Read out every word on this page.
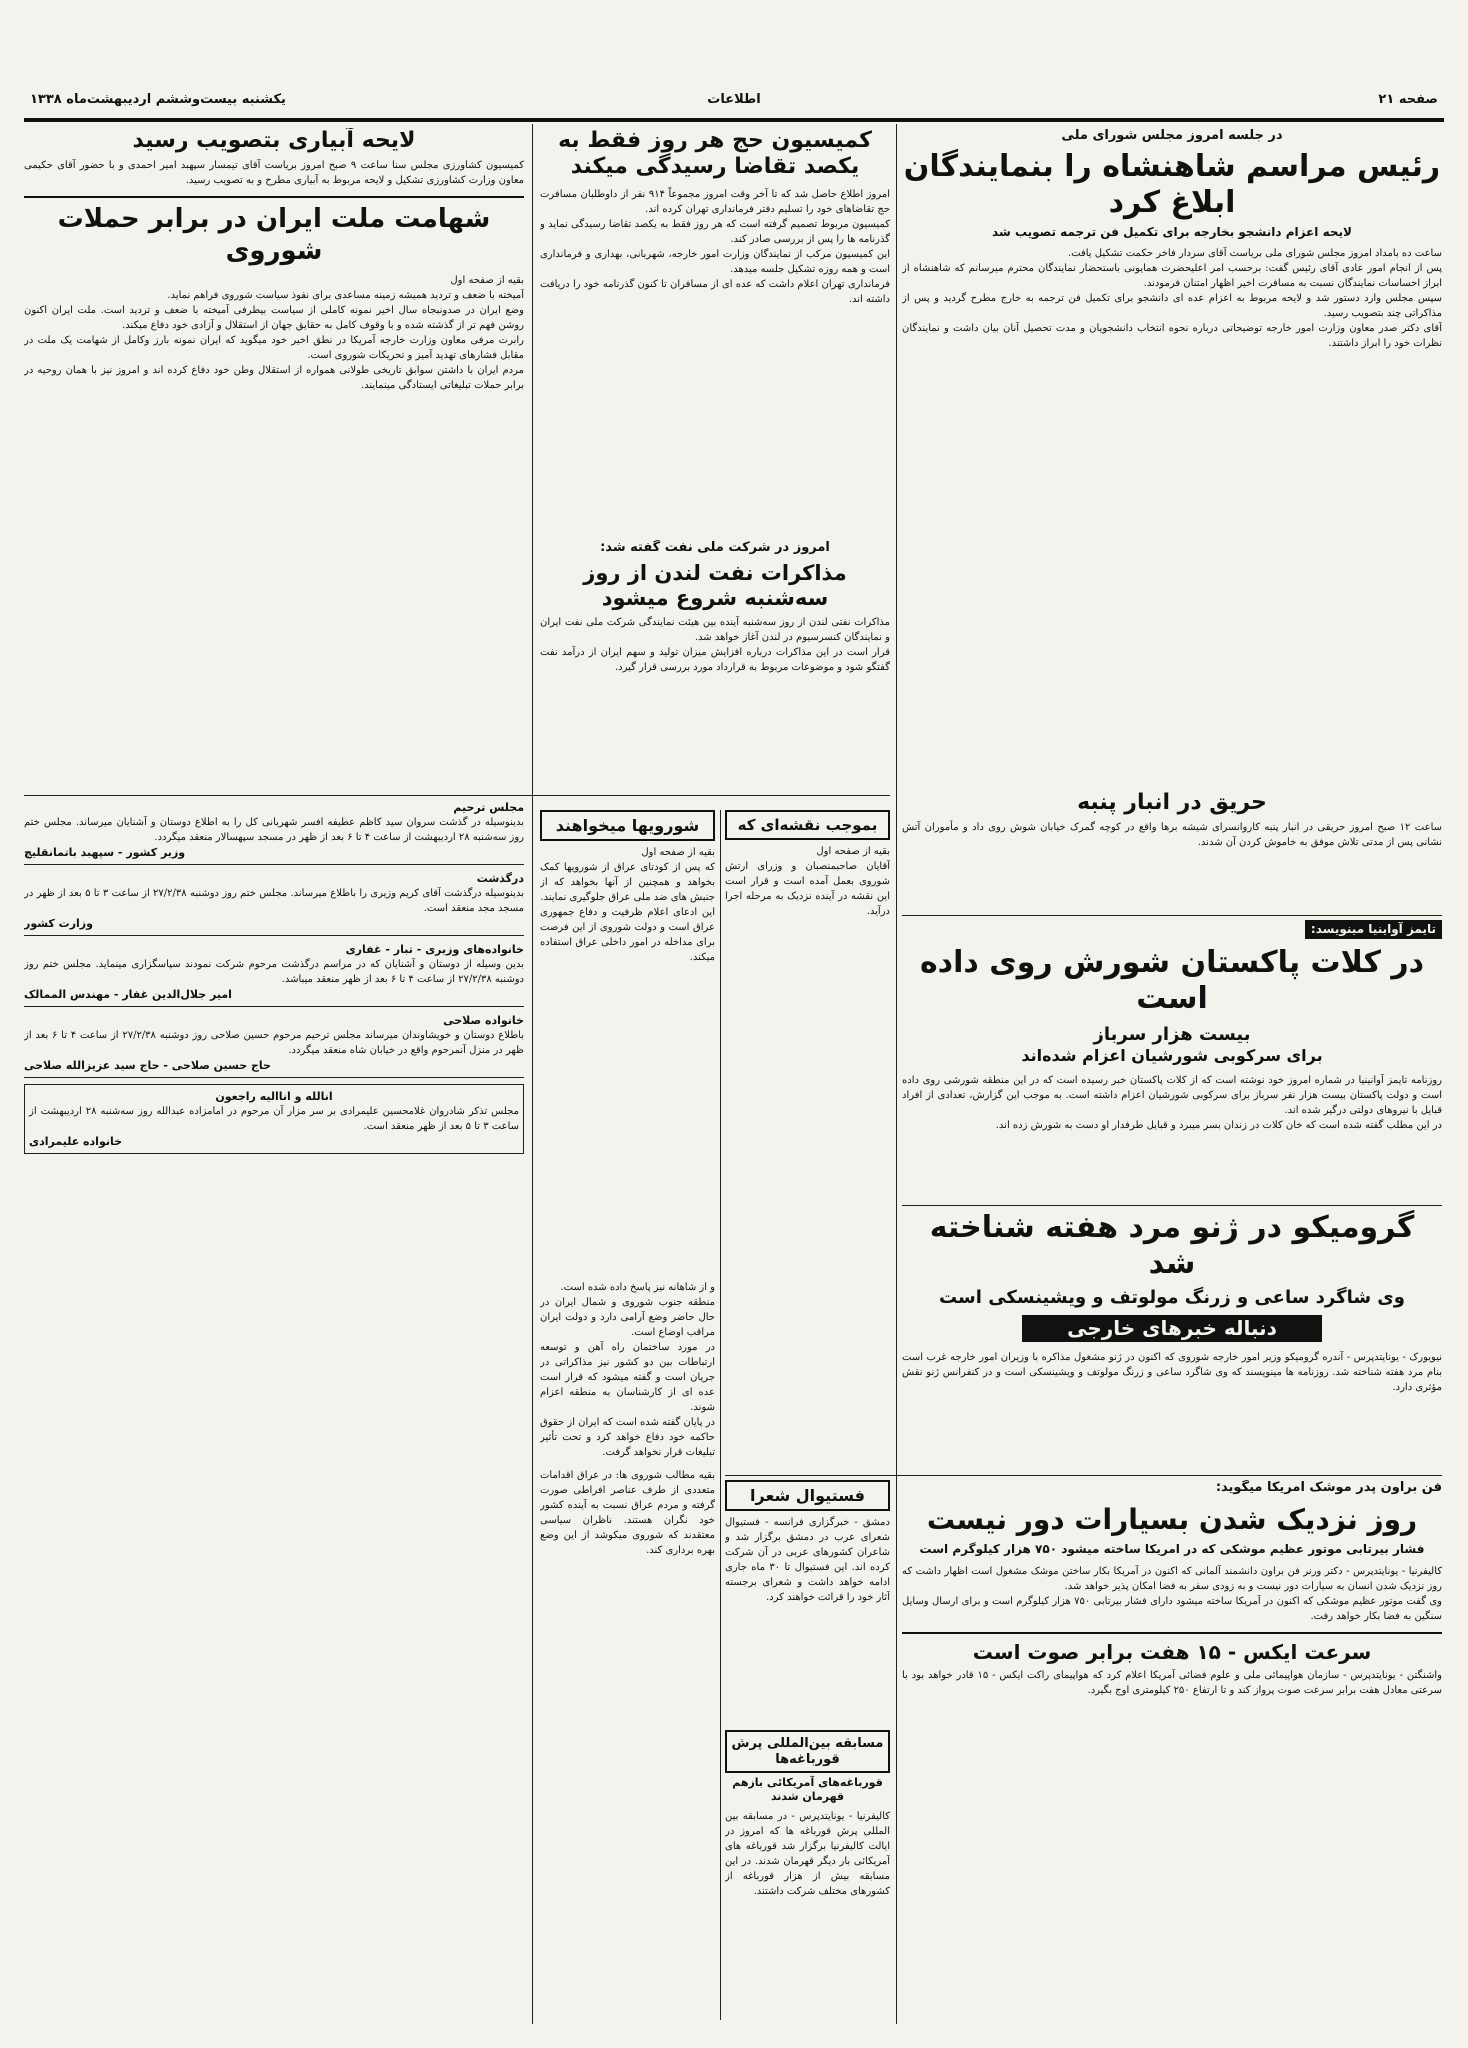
صفحه ۲۱
اطلاعات
یکشنبه بیست‌وششم اردیبهشت‌ماه ۱۳۳۸
در جلسه امروز مجلس شورای ملی
رئیس مراسم شاهنشاه را بنمایندگان ابلاغ کرد
لایحه اعزام دانشجو بخارجه برای تکمیل فن ترجمه تصویب شد
ساعت ده بامداد امروز مجلس شورای ملی بریاست آقای سردار فاخر حکمت تشکیل یافت.
پس از انجام امور عادی آقای رئیس گفت: برحسب امر اعلیحضرت همایونی باستحضار نمایندگان محترم میرسانم که شاهنشاه از ابراز احساسات نمایندگان نسبت به مسافرت اخیر اظهار امتنان فرمودند.
سپس مجلس وارد دستور شد و لایحه مربوط به اعزام عده ای دانشجو برای تکمیل فن ترجمه به خارج مطرح گردید و پس از مذاکراتی چند بتصویب رسید.
آقای دکتر صدر معاون وزارت امور خارجه توضیحاتی درباره نحوه انتخاب دانشجویان و مدت تحصیل آنان بیان داشت و نمایندگان نظرات خود را ابراز داشتند.
کمیسیون حج هر روز فقط به یکصد تقاضا رسیدگی میکند
امروز اطلاع حاصل شد که تا آخر وقت امروز مجموعاً ۹۱۴ نفر از داوطلبان مسافرت حج تقاضاهای خود را تسلیم دفتر فرمانداری تهران کرده اند.
کمیسیون مربوط تصمیم گرفته است که هر روز فقط به یکصد تقاضا رسیدگی نماید و گذرنامه ها را پس از بررسی صادر کند.
این کمیسیون مرکب از نمایندگان وزارت امور خارجه، شهربانی، بهداری و فرمانداری است و همه روزه تشکیل جلسه میدهد.
فرمانداری تهران اعلام داشت که عده ای از مسافران تا کنون گذرنامه خود را دریافت داشته اند.
لایحه آبیاری بتصویب رسید
کمیسیون کشاورزی مجلس سنا ساعت ۹ صبح امروز بریاست آقای تیمسار سپهبد امیر احمدی و با حضور آقای حکیمی معاون وزارت کشاورزی تشکیل و لایحه مربوط به آبیاری مطرح و به تصویب رسید.
شهامت ملت ایران در برابر حملات شوروی
بقیه از صفحه اول
آمیخته با ضعف و تردید همیشه زمینه مساعدی برای نفوذ سیاست شوروی فراهم نماید.
وضع ایران در صدونبجاه سال اخیر نمونه کاملی از سیاست بیطرفی آمیخته با ضعف و تردید است. ملت ایران اکنون روشن فهم تر از گذشته شده و با وقوف کامل به حقایق جهان از استقلال و آزادی خود دفاع میکند.
رابرت مرفی معاون وزارت خارجه آمریکا در نطق اخیر خود میگوید که ایران نمونه بارز وکامل از شهامت یک ملت در مقابل فشارهای تهدید آمیز و تحریکات شوروی است.
مردم ایران با داشتن سوابق تاریخی طولانی همواره از استقلال وطن خود دفاع کرده اند و امروز نیز با همان روحیه در برابر حملات تبلیغاتی ایستادگی مینمایند.
امروز در شرکت ملی نفت گفته شد:
مذاکرات نفت لندن از روز سه‌شنبه شروع میشود
مذاکرات نفتی لندن از روز سه‌شنبه آینده بین هیئت نمایندگی شرکت ملی نفت ایران و نمایندگان کنسرسیوم در لندن آغاز خواهد شد.
قرار است در این مذاکرات درباره افزایش میزان تولید و سهم ایران از درآمد نفت گفتگو شود و موضوعات مربوط به قرارداد مورد بررسی قرار گیرد.
حریق در انبار پنبه
ساعت ۱۲ صبح امروز حریقی در انبار پنبه کاروانسرای شیشه برها واقع در کوچه گمرک خیابان شوش روی داد و مأموران آتش نشانی پس از مدتی تلاش موفق به خاموش کردن آن شدند.
شورویها میخواهند
بقیه از صفحه اول
که پس از کودتای عراق از شورویها کمک بخواهد و همچنین از آنها بخواهد که از جنبش های ضد ملی عراق جلوگیری نمایند.
این ادعای اعلام ظرفیت و دفاع جمهوری عراق است و دولت شوروی از این فرصت برای مداخله در امور داخلی عراق استفاده میکند.
بموجب نقشه‌ای که
بقیه از صفحه اول
آقایان صاحبمنصبان و وزرای ارتش شوروی بعمل آمده است و قرار است این نقشه در آینده نزدیک به مرحله اجرا درآید.
تایمز آواینیا مینویسد:
در کلات پاکستان شورش روی داده است
بیست هزار سرباز
برای سرکوبی شورشیان اعزام شده‌اند
روزنامه تایمز آوانینیا در شماره امروز خود نوشته است که از کلات پاکستان خبر رسیده است که در این منطقه شورشی روی داده است و دولت پاکستان بیست هزار نفر سرباز برای سرکوبی شورشیان اعزام داشته است. به موجب این گزارش، تعدادی از افراد قبایل با نیروهای دولتی درگیر شده اند.
در این مطلب گفته شده است که خان کلات در زندان بسر میبرد و قبایل طرفدار او دست به شورش زده اند.
گرومیکو در ژنو مرد هفته شناخته شد
وی شاگرد ساعی و زرنگ مولوتف و ویشینسکی است
دنباله خبرهای خارجی
نیویورک - یونایتدپرس - آندره گرومیکو وزیر امور خارجه شوروی که اکنون در ژنو مشغول مذاکره با وزیران امور خارجه غرب است بنام مرد هفته شناخته شد. روزنامه ها مینویسند که وی شاگرد ساعی و زرنگ مولوتف و ویشینسکی است و در کنفرانس ژنو نقش مؤثری دارد.
فن براون پدر موشک امریکا میگوید:
روز نزدیک شدن بسیارات دور نیست
فشار بیرتابی موتور عظیم موشکی که در امریکا ساخته میشود ۷۵۰ هزار کیلوگرم است
کالیفرنیا - یونایتدپرس - دکتر ورنر فن براون دانشمند آلمانی که اکنون در آمریکا بکار ساختن موشک مشغول است اظهار داشت که روز نزدیک شدن انسان به سیارات دور نیست و به زودی سفر به فضا امکان پذیر خواهد شد.
وی گفت موتور عظیم موشکی که اکنون در آمریکا ساخته میشود دارای فشار بیرتابی ۷۵۰ هزار کیلوگرم است و برای ارسال وسایل سنگین به فضا بکار خواهد رفت.
سرعت ایکس - ۱۵ هفت برابر صوت است
واشنگتن - یونایتدپرس - سازمان هواپیمائی ملی و علوم فضائی آمریکا اعلام کرد که هواپیمای راکت ایکس - ۱۵ قادر خواهد بود با سرعتی معادل هفت برابر سرعت صوت پرواز کند و تا ارتفاع ۲۵۰ کیلومتری اوج بگیرد.
فستیوال شعرا
دمشق - خبرگزاری فرانسه - فستیوال شعرای عرب در دمشق برگزار شد و شاعران کشورهای عربی در آن شرکت کرده اند. این فستیوال تا ۳۰ ماه جاری ادامه خواهد داشت و شعرای برجسته آثار خود را قرائت خواهند کرد.
مسابقه بین‌المللی پرش قورباغه‌ها
قورباغه‌های آمریکائی بازهم قهرمان شدند
کالیفرنیا - یونایتدپرس - در مسابقه بین المللی پرش قورباغه ها که امروز در ایالت کالیفرنیا برگزار شد قورباغه های آمریکائی بار دیگر قهرمان شدند. در این مسابقه بیش از هزار قورباغه از کشورهای مختلف شرکت داشتند.
و از شاهانه نیز پاسخ داده شده است.
منطقه جنوب شوروی و شمال ایران در حال حاضر وضع آرامی دارد و دولت ایران مراقب اوضاع است.
در مورد ساختمان راه آهن و توسعه ارتباطات بین دو کشور نیز مذاکراتی در جریان است و گفته میشود که قرار است عده ای از کارشناسان به منطقه اعزام شوند.
در پایان گفته شده است که ایران از حقوق حاکمه خود دفاع خواهد کرد و تحت تأثیر تبلیغات قرار نخواهد گرفت.
بقیه مطالب شوروی ها: در عراق اقدامات متعددی از طرف عناصر افراطی صورت گرفته و مردم عراق نسبت به آینده کشور خود نگران هستند. ناظران سیاسی معتقدند که شوروی میکوشد از این وضع بهره برداری کند.
مجلس ترحیم
بدینوسیله در گذشت سروان سید کاظم عطیفه افسر شهربانی کل را به اطلاع دوستان و آشنایان میرساند. مجلس ختم روز سه‌شنبه ۲۸ اردیبهشت از ساعت ۴ تا ۶ بعد از ظهر در مسجد سپهسالار منعقد میگردد.
وزیر کشور - سپهبد باتمانقلیچ
درگذشت
بدینوسیله درگذشت آقای کریم وزیری را باطلاع میرساند. مجلس ختم روز دوشنبه ۲۷/۲/۳۸ از ساعت ۳ تا ۵ بعد از ظهر در مسجد مجد منعقد است.
وزارت کشور
خانواده‌های وزیری - تبار - غفاری
بدین وسیله از دوستان و آشنایان که در مراسم درگذشت مرحوم شرکت نمودند سپاسگزاری مینماید. مجلس ختم روز دوشنبه ۲۷/۲/۳۸ از ساعت ۴ تا ۶ بعد از ظهر منعقد میباشد.
امیر جلال‌الدین غفار - مهندس الممالک
خانواده صلاحی
باطلاع دوستان و خویشاوندان میرساند مجلس ترحیم مرحوم حسین صلاحی روز دوشنبه ۲۷/۲/۳۸ از ساعت ۴ تا ۶ بعد از ظهر در منزل آنمرحوم واقع در خیابان شاه منعقد میگردد.
حاج حسین صلاحی - حاج سید عزیزالله صلاحی
انالله و اناالیه راجعون
مجلس تذکر شادروان غلامحسین علیمرادی بر سر مزار آن مرحوم در امامزاده عبدالله روز سه‌شنبه ۲۸ اردیبهشت از ساعت ۳ تا ۵ بعد از ظهر منعقد است.
خانواده علیمرادی
